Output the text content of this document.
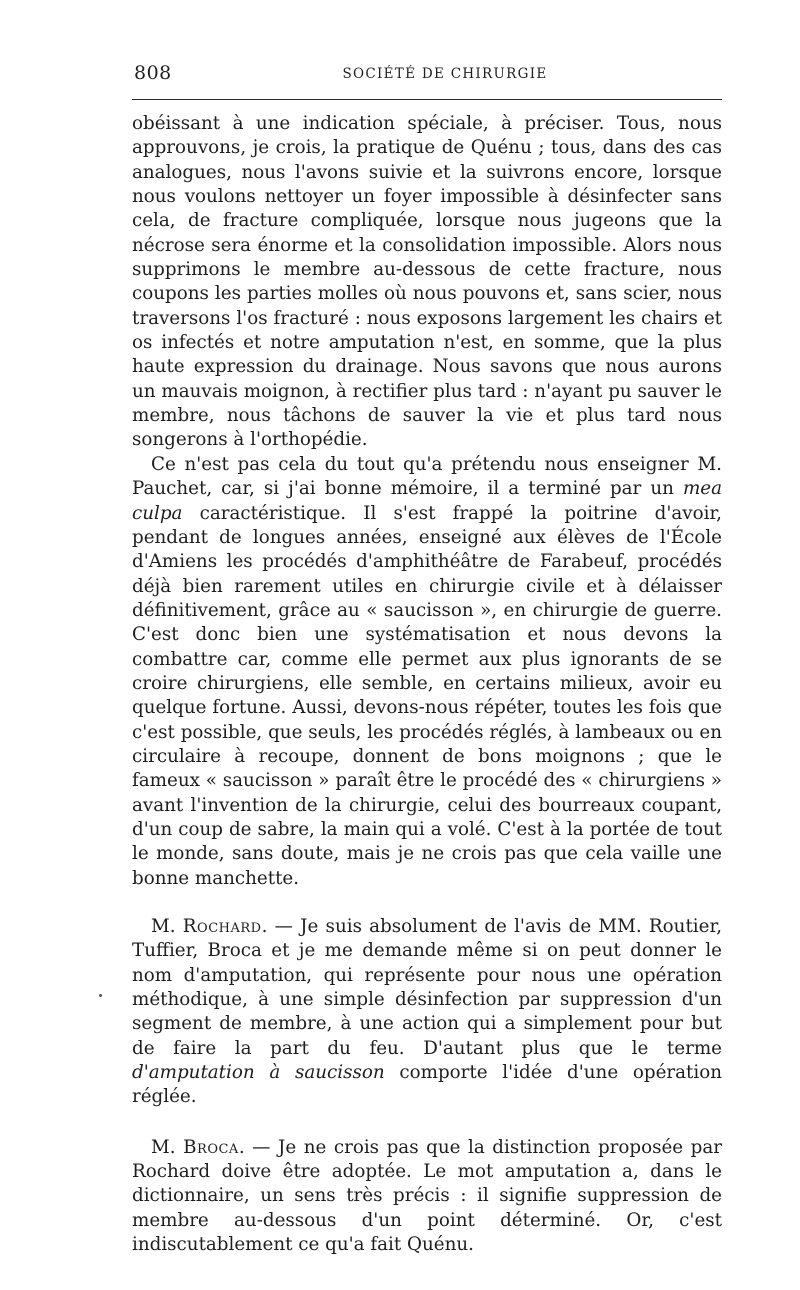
808	SOCIÉTÉ DE CHIRURGIE

obéissant à une indication spéciale, à préciser. Tous, nous approuvons, je crois, la pratique de Quénu ; tous, dans des cas analogues, nous l'avons suivie et la suivrons encore, lorsque nous voulons nettoyer un foyer impossible à désinfecter sans cela, de fracture compliquée, lorsque nous jugeons que la nécrose sera énorme et la consolidation impossible. Alors nous supprimons le membre au-dessous de cette fracture, nous coupons les parties molles où nous pouvons et, sans scier, nous traversons l'os fracturé : nous exposons largement les chairs et os infectés et notre amputation n'est, en somme, que la plus haute expression du drainage. Nous savons que nous aurons un mauvais moignon, à rectifier plus tard : n'ayant pu sauver le membre, nous tâchons de sauver la vie et plus tard nous songerons à l'orthopédie.

Ce n'est pas cela du tout qu'a prétendu nous enseigner M. Pauchet, car, si j'ai bonne mémoire, il a terminé par un mea culpa caractéristique. Il s'est frappé la poitrine d'avoir, pendant de longues années, enseigné aux élèves de l'École d'Amiens les procédés d'amphithéâtre de Farabeuf, procédés déjà bien rarement utiles en chirurgie civile et à délaisser définitivement, grâce au « saucisson », en chirurgie de guerre. C'est donc bien une systématisation et nous devons la combattre car, comme elle permet aux plus ignorants de se croire chirurgiens, elle semble, en certains milieux, avoir eu quelque fortune. Aussi, devons-nous répéter, toutes les fois que c'est possible, que seuls, les procédés réglés, à lambeaux ou en circulaire à recoupe, donnent de bons moignons ; que le fameux « saucisson » paraît être le procédé des « chirurgiens » avant l'invention de la chirurgie, celui des bourreaux coupant, d'un coup de sabre, la main qui a volé. C'est à la portée de tout le monde, sans doute, mais je ne crois pas que cela vaille une bonne manchette.

M. Rochard. — Je suis absolument de l'avis de MM. Routier, Tuffier, Broca et je me demande même si on peut donner le nom d'amputation, qui représente pour nous une opération méthodique, à une simple désinfection par suppression d'un segment de membre, à une action qui a simplement pour but de faire la part du feu. D'autant plus que le terme d'amputation à saucisson comporte l'idée d'une opération réglée.

M. Broca. — Je ne crois pas que la distinction proposée par Rochard doive être adoptée. Le mot amputation a, dans le dictionnaire, un sens très précis : il signifie suppression de membre au-dessous d'un point déterminé. Or, c'est indiscutablement ce qu'a fait Quénu.
